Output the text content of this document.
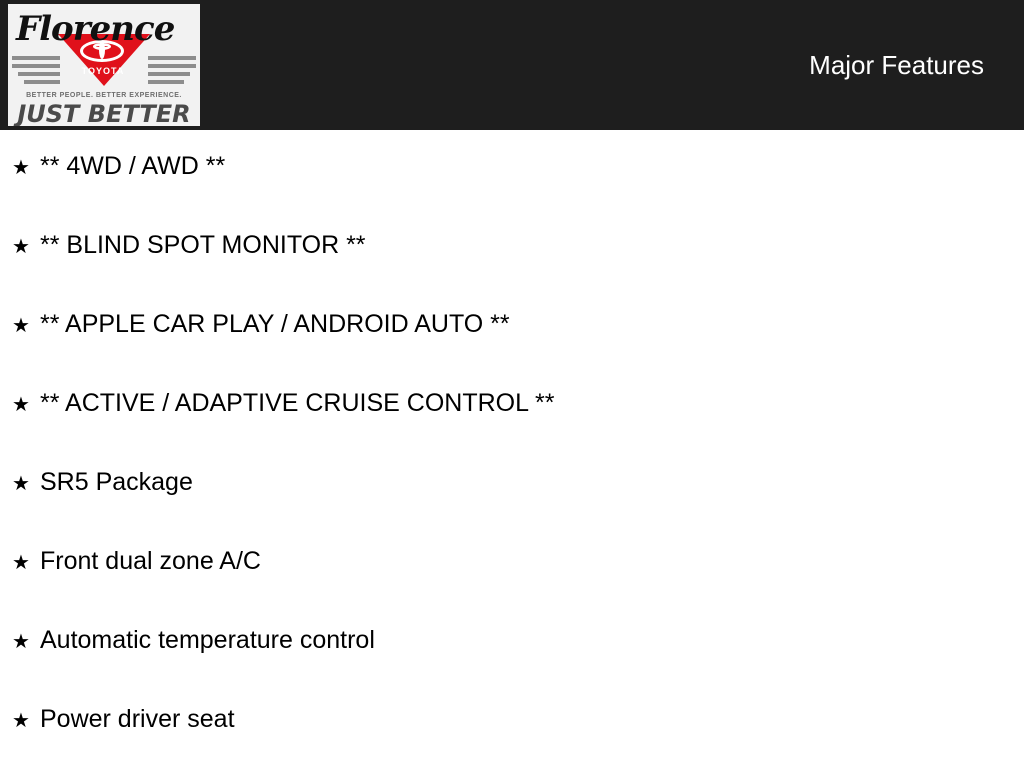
TOYOTA
Florence
BETTER PEOPLE. BETTER EXPERIENCE.
JUST BETTER
Major Features
★ ** 4WD / AWD **
★ ** BLIND SPOT MONITOR **
★ ** APPLE CAR PLAY / ANDROID AUTO **
★ ** ACTIVE / ADAPTIVE CRUISE CONTROL **
★ SR5 Package
★ Front dual zone A/C
★ Automatic temperature control
★ Power driver seat
